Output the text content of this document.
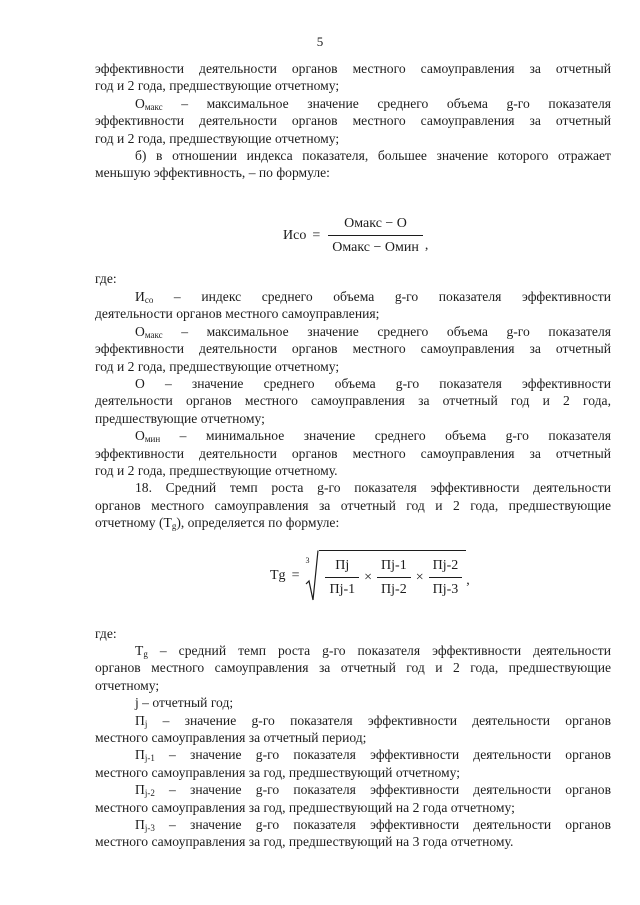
5

эффективности деятельности органов местного самоуправления за отчетный

год и 2 года, предшествующие отчетному;

$О_{макс}$ – максимальное значение среднего объема g-го показателя

эффективности деятельности органов местного самоуправления за отчетный

год и 2 года, предшествующие отчетному;

б) в отношении индекса показателя, большее значение которого отражает

меньшую эффективность, – по формуле:

Исо = $\frac{\text{Омакс − О}}{\text{Омакс − Омин}}$ ,
где:

$И_{со}$ – индекс среднего объема g-го показателя эффективности

деятельности органов местного самоуправления;

$О_{макс}$ – максимальное значение среднего объема g-го показателя

эффективности деятельности органов местного самоуправления за отчетный

год и 2 года, предшествующие отчетному;

О – значение среднего объема g-го показателя эффективности

деятельности органов местного самоуправления за отчетный год и 2 года,

предшествующие отчетному;

$О_{мин}$ – минимальное значение среднего объема g-го показателя

эффективности деятельности органов местного самоуправления за отчетный

год и 2 года, предшествующие отчетному.

18. Средний темп роста g-го показателя эффективности деятельности

органов местного самоуправления за отчетный год и 2 года, предшествующие

отчетному $(T_g)$, определяется по формуле:

Tg =
$3 \frac{Пj}{Пj-1} \times \frac{Пj-1}{Пj-2} \times \frac{Пj-2}{Пj-3}$ ,
где:

$T_g$ – средний темп роста g-го показателя эффективности деятельности

органов местного самоуправления за отчетный год и 2 года, предшествующие

отчетному;

j – отчетный год;

$П_j$ – значение g-го показателя эффективности деятельности органов

местного самоуправления за отчетный период;

$П_{j-1}$ – значение g-го показателя эффективности деятельности органов

местного самоуправления за год, предшествующий отчетному;

$П_{j-2}$ – значение g-го показателя эффективности деятельности органов

местного самоуправления за год, предшествующий на 2 года отчетному;

$П_{j-3}$ – значение g-го показателя эффективности деятельности органов

местного самоуправления за год, предшествующий на 3 года отчетному.
